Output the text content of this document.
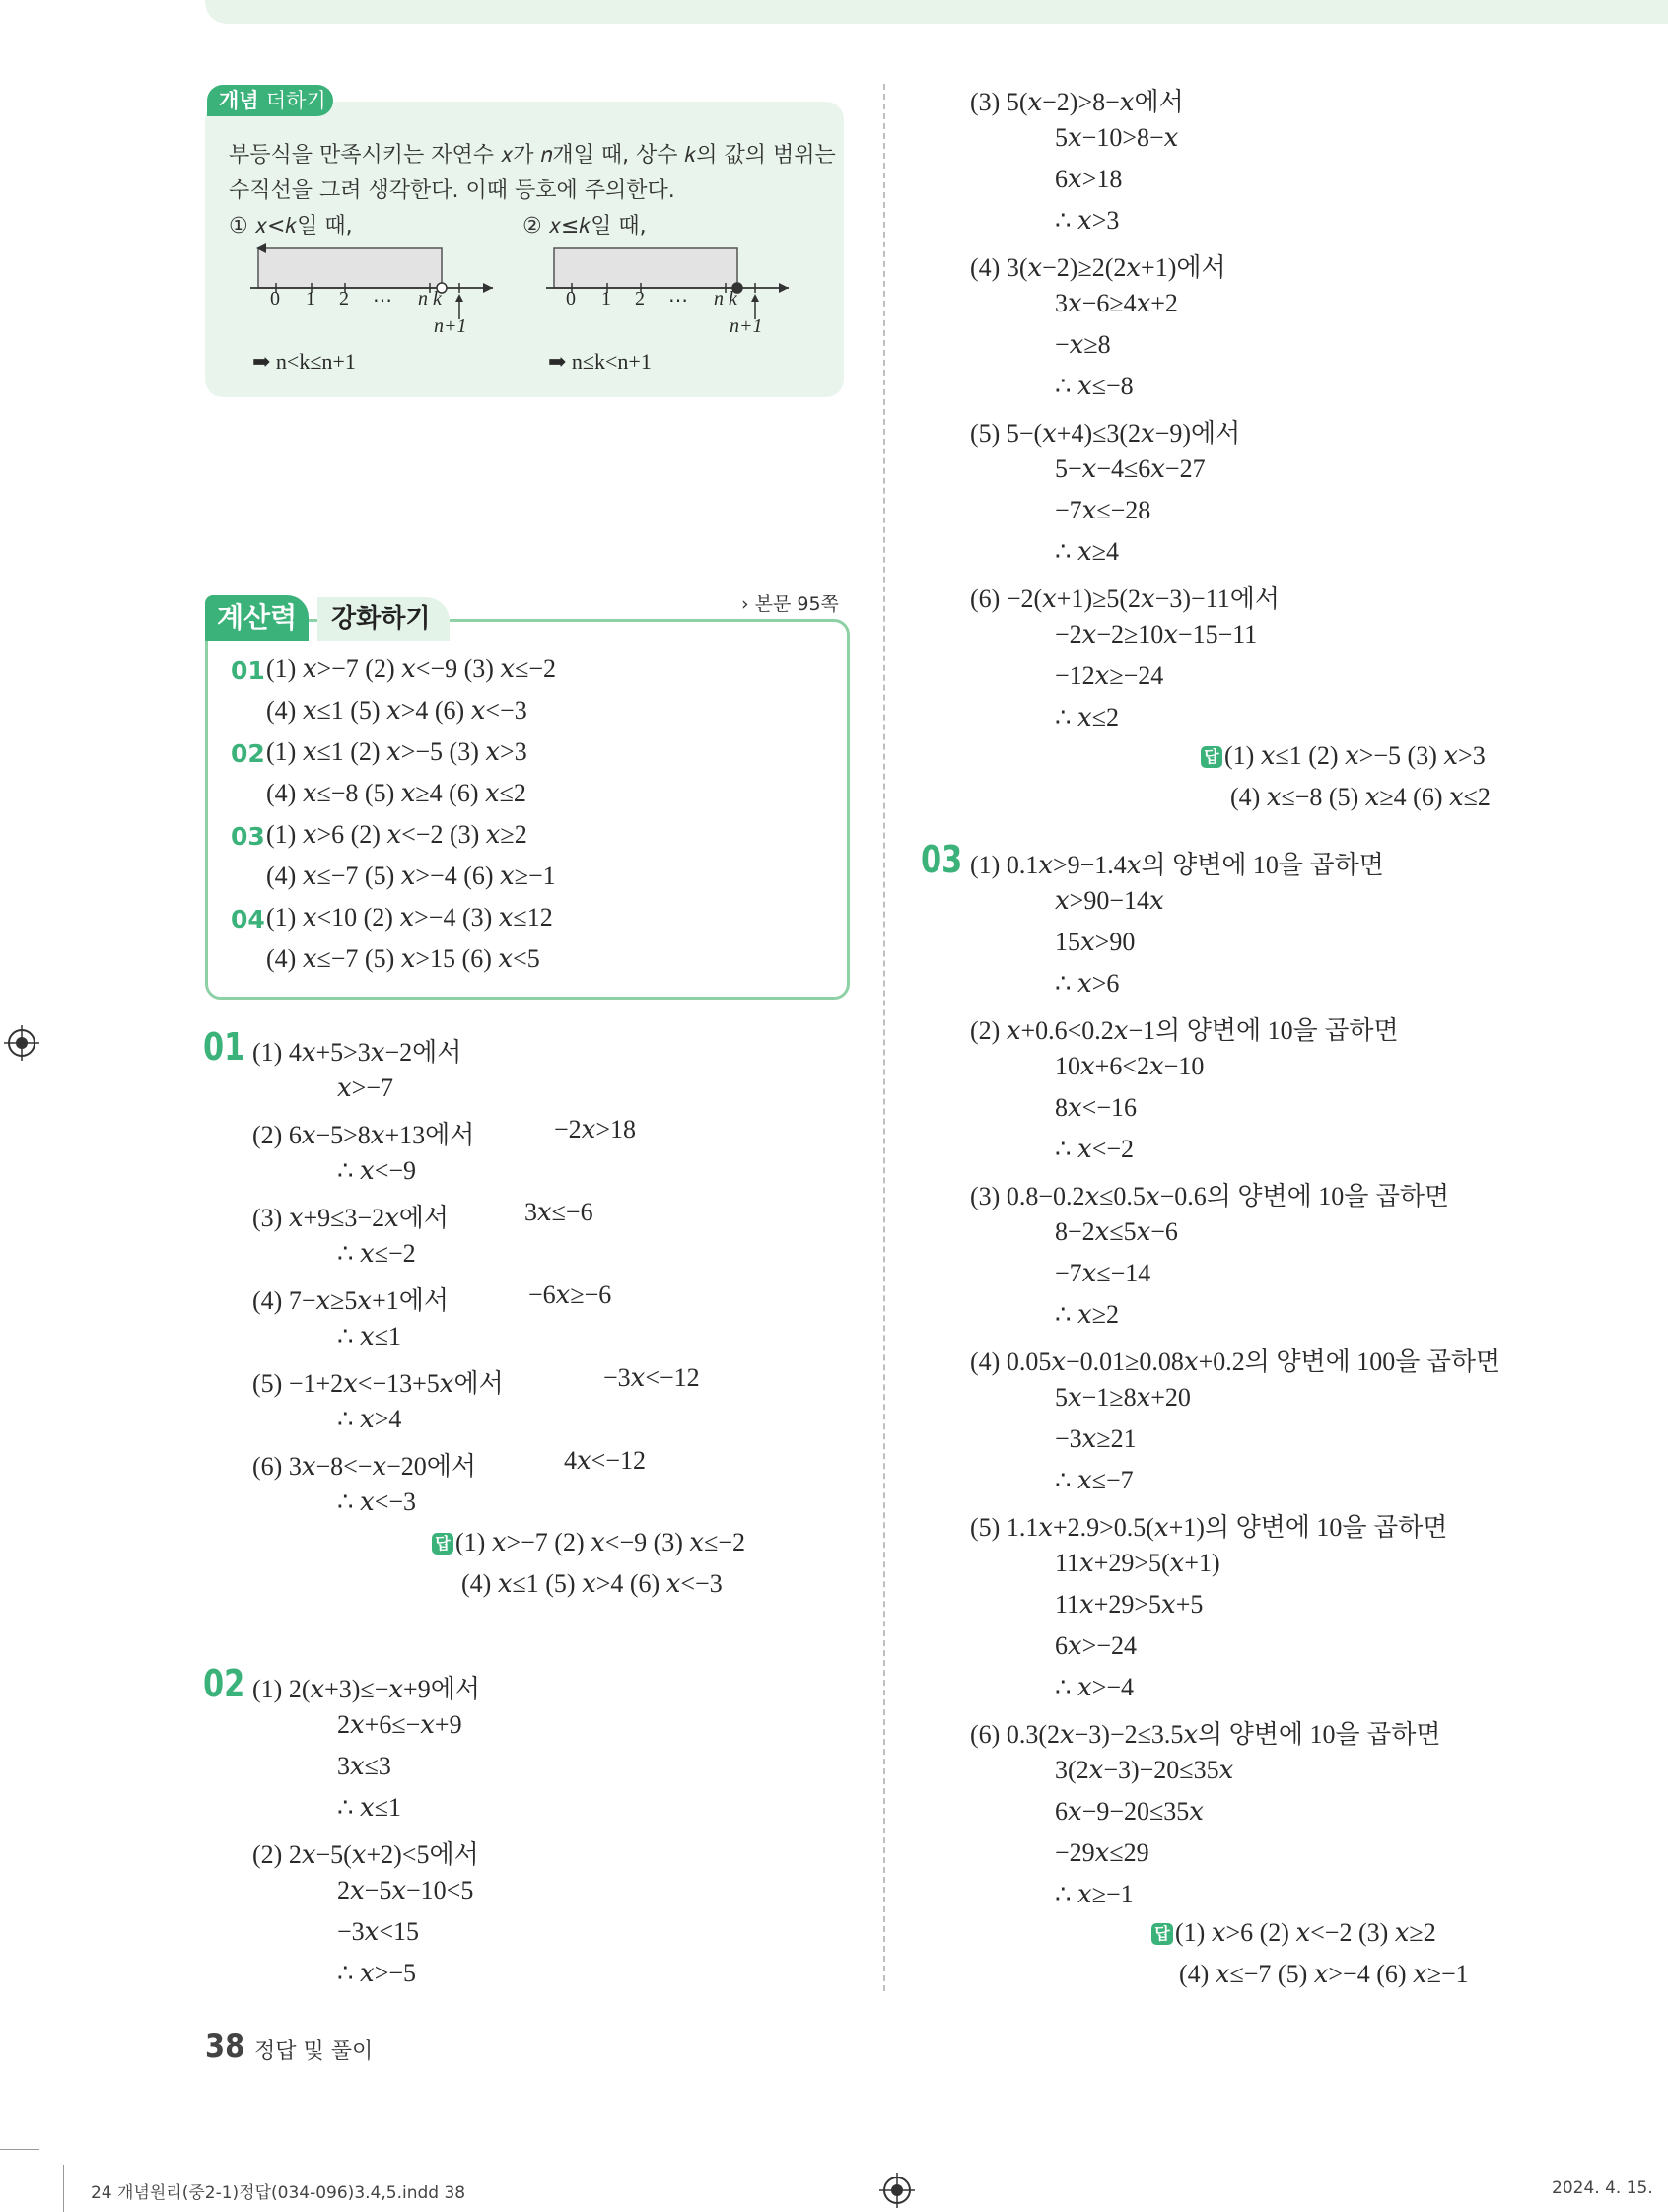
개념 더하기
부등식을 만족시키는 자연수 𝑥가 𝑛개일 때, 상수 𝑘의 값의 범위는
수직선을 그려 생각한다. 이때 등호에 주의한다.
① 𝑥<𝑘일 때,	② 𝑥≤𝑘일 때,
0 1 2 ⋯ n k
n+1
➡ n<k≤n+1
0 1 2 ⋯ n k
n+1
➡ n≤k<n+1
계산력	강화하기	› 본문 95쪽
01 (1) 𝑥>−7 (2) 𝑥<−9 (3) 𝑥≤−2
(4) 𝑥≤1 (5) 𝑥>4 (6) 𝑥<−3
02 (1) 𝑥≤1 (2) 𝑥>−5 (3) 𝑥>3
(4) 𝑥≤−8 (5) 𝑥≥4 (6) 𝑥≤2
03 (1) 𝑥>6 (2) 𝑥<−2 (3) 𝑥≥2
(4) 𝑥≤−7 (5) 𝑥>−4 (6) 𝑥≥−1
04 (1) 𝑥<10 (2) 𝑥>−4 (3) 𝑥≤12
(4) 𝑥≤−7 (5) 𝑥>15 (6) 𝑥<5
01 (1) 4𝑥+5>3𝑥−2에서
𝑥>−7
(2) 6𝑥−5>8𝑥+13에서	−2𝑥>18
∴ 𝑥<−9
(3) 𝑥+9≤3−2𝑥에서	3𝑥≤−6
∴ 𝑥≤−2
(4) 7−𝑥≥5𝑥+1에서	−6𝑥≥−6
∴ 𝑥≤1
(5) −1+2𝑥<−13+5𝑥에서	−3𝑥<−12
∴ 𝑥>4
(6) 3𝑥−8<−𝑥−20에서	4𝑥<−12
∴ 𝑥<−3
답 (1) 𝑥>−7 (2) 𝑥<−9 (3) 𝑥≤−2
(4) 𝑥≤1 (5) 𝑥>4 (6) 𝑥<−3
02 (1) 2(𝑥+3)≤−𝑥+9에서
2𝑥+6≤−𝑥+9
3𝑥≤3
∴ 𝑥≤1
(2) 2𝑥−5(𝑥+2)<5에서
2𝑥−5𝑥−10<5
−3𝑥<15
∴ 𝑥>−5
(3) 5(𝑥−2)>8−𝑥에서
5𝑥−10>8−𝑥
6𝑥>18
∴ 𝑥>3
(4) 3(𝑥−2)≥2(2𝑥+1)에서
3𝑥−6≥4𝑥+2
−𝑥≥8
∴ 𝑥≤−8
(5) 5−(𝑥+4)≤3(2𝑥−9)에서
5−𝑥−4≤6𝑥−27
−7𝑥≤−28
∴ 𝑥≥4
(6) −2(𝑥+1)≥5(2𝑥−3)−11에서
−2𝑥−2≥10𝑥−15−11
−12𝑥≥−24
∴ 𝑥≤2
답 (1) 𝑥≤1 (2) 𝑥>−5 (3) 𝑥>3
(4) 𝑥≤−8 (5) 𝑥≥4 (6) 𝑥≤2
03 (1) 0.1𝑥>9−1.4𝑥의 양변에 10을 곱하면
𝑥>90−14𝑥
15𝑥>90
∴ 𝑥>6
(2) 𝑥+0.6<0.2𝑥−1의 양변에 10을 곱하면
10𝑥+6<2𝑥−10
8𝑥<−16
∴ 𝑥<−2
(3) 0.8−0.2𝑥≤0.5𝑥−0.6의 양변에 10을 곱하면
8−2𝑥≤5𝑥−6
−7𝑥≤−14
∴ 𝑥≥2
(4) 0.05𝑥−0.01≥0.08𝑥+0.2의 양변에 100을 곱하면
5𝑥−1≥8𝑥+20
−3𝑥≥21
∴ 𝑥≤−7
(5) 1.1𝑥+2.9>0.5(𝑥+1)의 양변에 10을 곱하면
11𝑥+29>5(𝑥+1)
11𝑥+29>5𝑥+5
6𝑥>−24
∴ 𝑥>−4
(6) 0.3(2𝑥−3)−2≤3.5𝑥의 양변에 10을 곱하면
3(2𝑥−3)−20≤35𝑥
6𝑥−9−20≤35𝑥
−29𝑥≤29
∴ 𝑥≥−1
답 (1) 𝑥>6 (2) 𝑥<−2 (3) 𝑥≥2
(4) 𝑥≤−7 (5) 𝑥>−4 (6) 𝑥≥−1
38 정답 및 풀이
24 개념원리(중2-1)정답(034-096)3.4,5.indd 38	2024. 4. 15.
